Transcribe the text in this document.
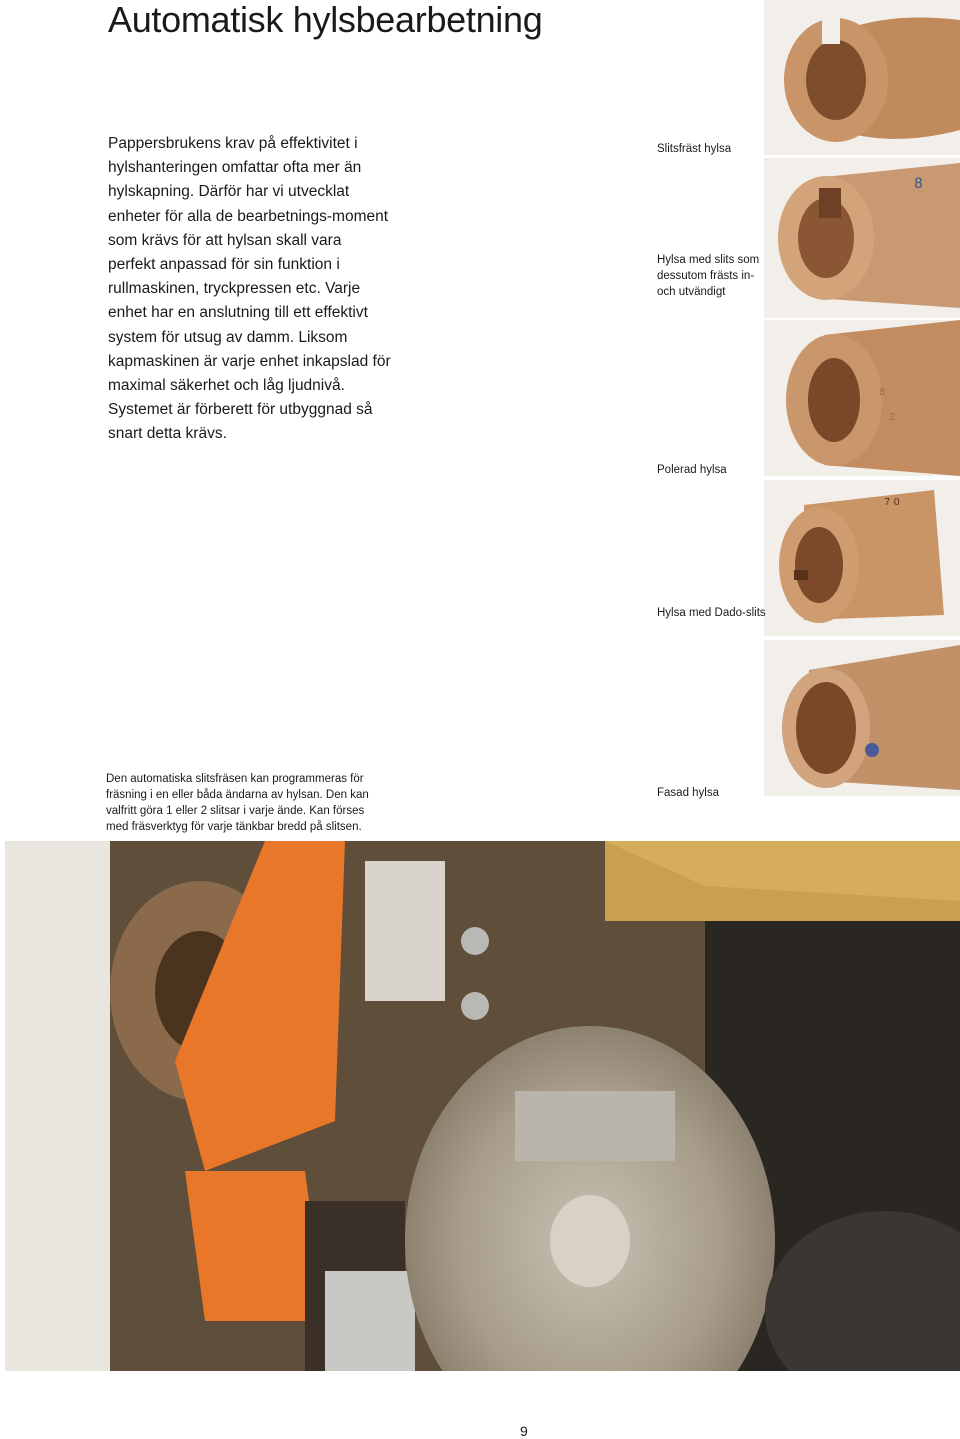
Automatisk hylsbearbetning

Pappersbrukens krav på effektivitet i hylshanteringen omfattar ofta mer än hylskapning. Därför har vi utvecklat enheter för alla de bearbetnings-moment som krävs för att hylsan skall vara perfekt anpassad för sin funktion i rullmaskinen, tryckpressen etc. Varje enhet har en anslutning till ett effektivt system för utsug av damm. Liksom kapmaskinen är varje enhet inkapslad för maximal säkerhet och låg ljudnivå. Systemet är förberett för utbyggnad så snart detta krävs.

Slitsfräst hylsa

8

Hylsa med slits som dessutom frästs in- och utvändigt

8
2

Polerad hylsa

7 0

Hylsa med Dado-slits

Fasad hylsa

Den automatiska slitsfräsen kan programmeras för fräsning i en eller båda ändarna av hylsan. Den kan valfritt göra 1 eller 2 slitsar i varje ände. Kan förses med fräsverktyg för varje tänkbar bredd på slitsen.

9
